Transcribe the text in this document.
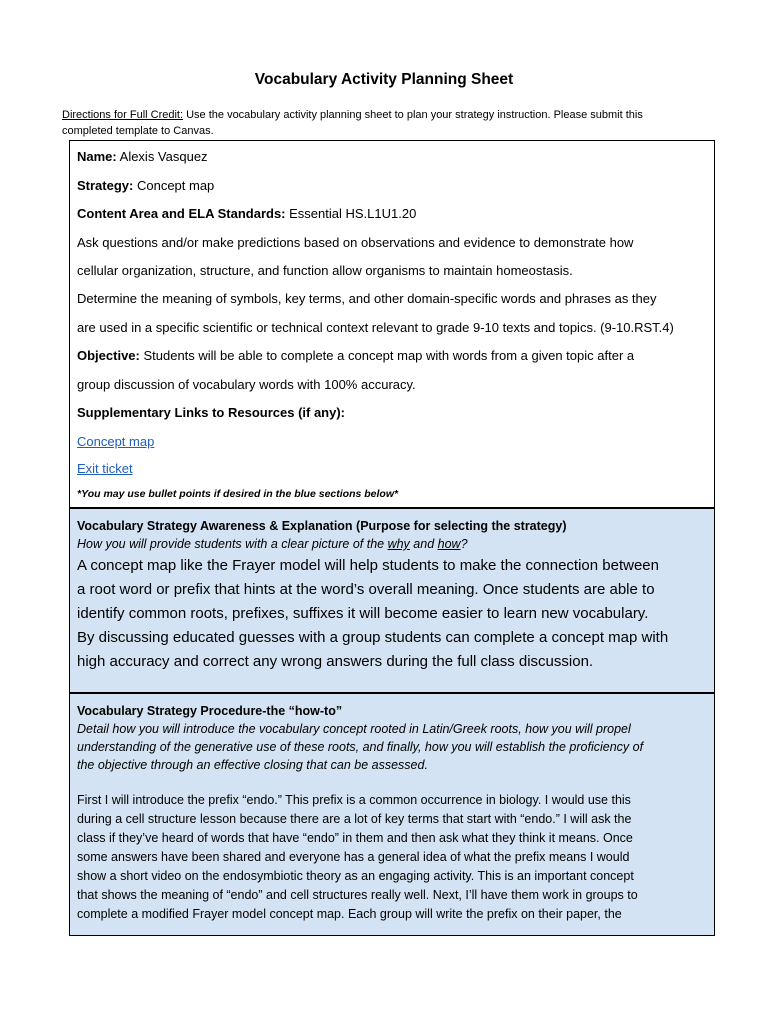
Vocabulary Activity Planning Sheet
Directions for Full Credit: Use the vocabulary activity planning sheet to plan your strategy instruction. Please submit this
completed template to Canvas.
Name: Alexis Vasquez
Strategy: Concept map
Content Area and ELA Standards: Essential HS.L1U1.20
Ask questions and/or make predictions based on observations and evidence to demonstrate how
cellular organization, structure, and function allow organisms to maintain homeostasis.
Determine the meaning of symbols, key terms, and other domain-specific words and phrases as they
are used in a specific scientific or technical context relevant to grade 9-10 texts and topics. (9-10.RST.4)
Objective: Students will be able to complete a concept map with words from a given topic after a
group discussion of vocabulary words with 100% accuracy.
Supplementary Links to Resources (if any):
Concept map
Exit ticket
*You may use bullet points if desired in the blue sections below*
Vocabulary Strategy Awareness & Explanation (Purpose for selecting the strategy)
How you will provide students with a clear picture of the why and how?
A concept map like the Frayer model will help students to make the connection between
a root word or prefix that hints at the word’s overall meaning. Once students are able to
identify common roots, prefixes, suffixes it will become easier to learn new vocabulary.
By discussing educated guesses with a group students can complete a concept map with
high accuracy and correct any wrong answers during the full class discussion.
Vocabulary Strategy Procedure-the “how-to”
Detail how you will introduce the vocabulary concept rooted in Latin/Greek roots, how you will propel
understanding of the generative use of these roots, and finally, how you will establish the proficiency of
the objective through an effective closing that can be assessed.
First I will introduce the prefix “endo.” This prefix is a common occurrence in biology. I would use this
during a cell structure lesson because there are a lot of key terms that start with “endo.” I will ask the
class if they’ve heard of words that have “endo” in them and then ask what they think it means. Once
some answers have been shared and everyone has a general idea of what the prefix means I would
show a short video on the endosymbiotic theory as an engaging activity. This is an important concept
that shows the meaning of “endo” and cell structures really well. Next, I’ll have them work in groups to
complete a modified Frayer model concept map. Each group will write the prefix on their paper, the
